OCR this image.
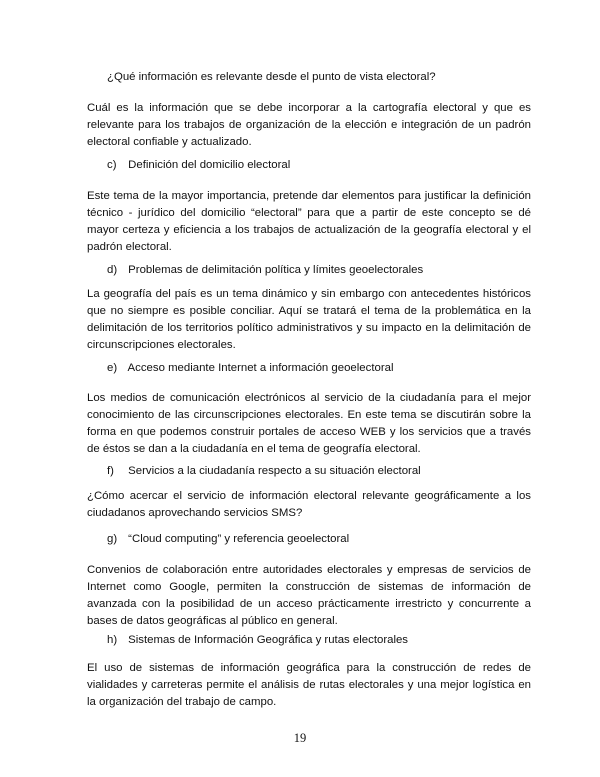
¿Qué información es relevante desde el punto de vista electoral?

Cuál es la información que se debe incorporar a la cartografía electoral y que es relevante para los trabajos de organización de la elección e integración de un padrón electoral confiable y actualizado.

c) Definición del domicilio electoral

Este tema de la mayor importancia, pretende dar elementos para justificar la definición técnico - jurídico del domicilio “electoral” para que a partir de este concepto se dé mayor certeza y eficiencia a los trabajos de actualización de la geografía electoral y el padrón electoral.

d) Problemas de delimitación política y límites geoelectorales

La geografía del país es un tema dinámico y sin embargo con antecedentes históricos que no siempre es posible conciliar. Aquí se tratará el tema de la problemática en la delimitación de los territorios político administrativos y su impacto en la delimitación de circunscripciones electorales.

e) Acceso mediante Internet a información geoelectoral

Los medios de comunicación electrónicos al servicio de la ciudadanía para el mejor conocimiento de las circunscripciones electorales. En este tema se discutirán sobre la forma en que podemos construir portales de acceso WEB y los servicios que a través de éstos se dan a la ciudadanía en el tema de geografía electoral.

f) Servicios a la ciudadanía respecto a su situación electoral

¿Cómo acercar el servicio de información electoral relevante geográficamente a los ciudadanos aprovechando servicios SMS?

g) “Cloud computing” y referencia geoelectoral

Convenios de colaboración entre autoridades electorales y empresas de servicios de Internet como Google, permiten la construcción de sistemas de información de avanzada con la posibilidad de un acceso prácticamente irrestricto y concurrente a bases de datos geográficas al público en general.

h) Sistemas de Información Geográfica y rutas electorales

El uso de sistemas de información geográfica para la construcción de redes de vialidades y carreteras permite el análisis de rutas electorales y una mejor logística en la organización del trabajo de campo.

19
